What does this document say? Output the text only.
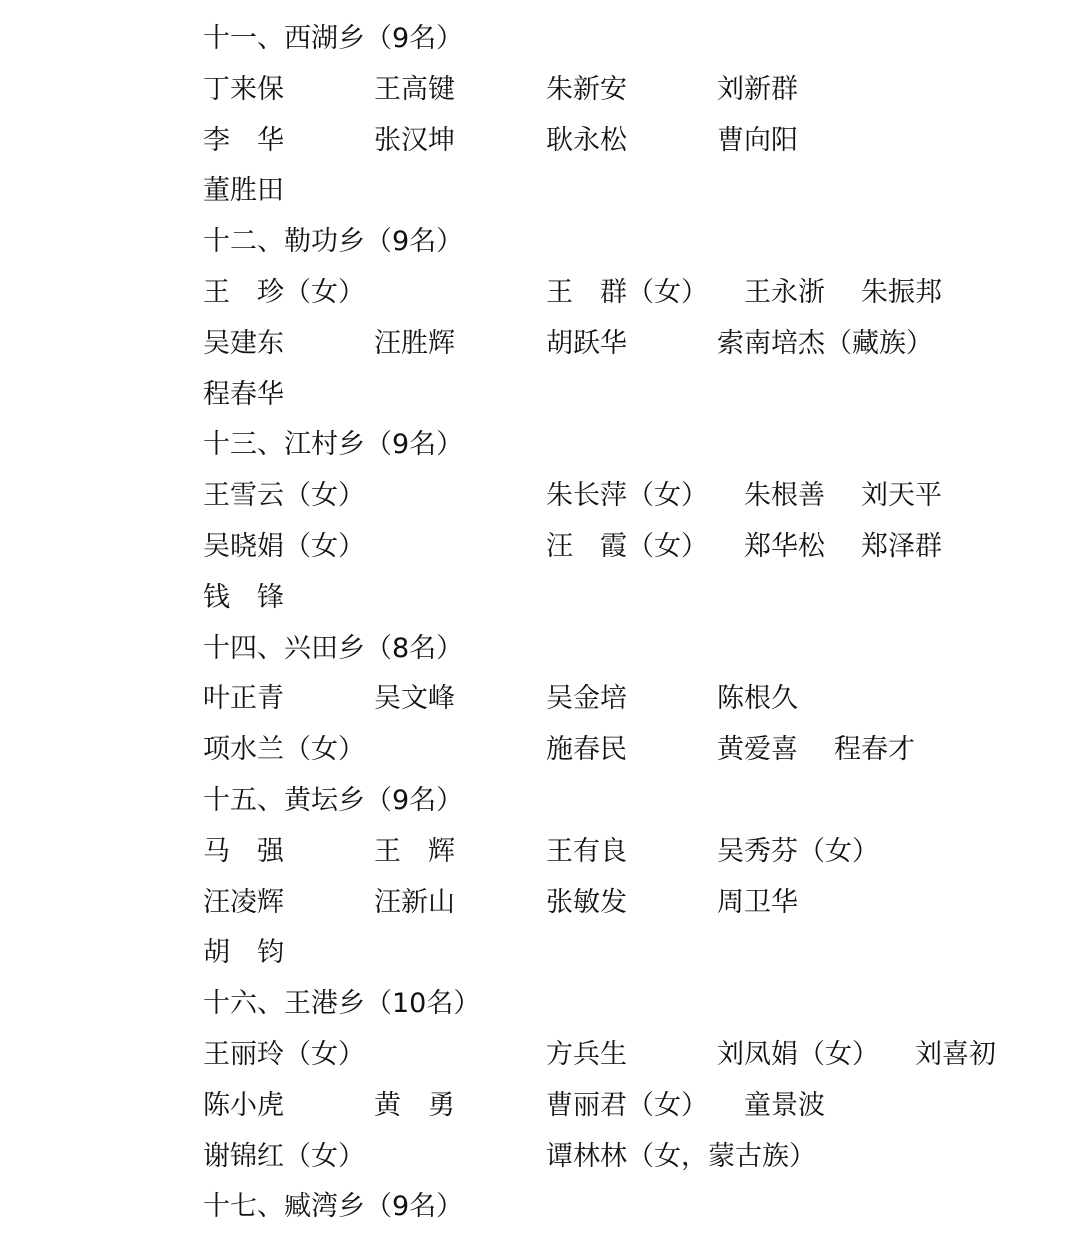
十一、西湖乡（9名）
丁来保	王高键	朱新安	刘新群
李　华	张汉坤	耿永松	曹向阳
董胜田
十二、勒功乡（9名）
王　珍（女）	王　群（女） 王永浙 朱振邦
吴建东	汪胜辉	胡跃华	索南培杰（藏族）
程春华
十三、江村乡（9名）
王雪云（女）	朱长萍（女） 朱根善 刘天平
吴晓娟（女）	汪　霞（女） 郑华松 郑泽群
钱　锋
十四、兴田乡（8名）
叶正青	吴文峰	吴金培	陈根久
项水兰（女）	施春民	黄爱喜 程春才
十五、黄坛乡（9名）
马　强	王　辉	王有良	吴秀芬（女）
汪凌辉	汪新山	张敏发	周卫华
胡　钧
十六、王港乡（10名）
王丽玲（女）	方兵生	刘凤娟（女） 刘喜初
陈小虎	黄　勇	曹丽君（女） 童景波
谢锦红（女）	谭林林（女，蒙古族）
十七、臧湾乡（9名）
